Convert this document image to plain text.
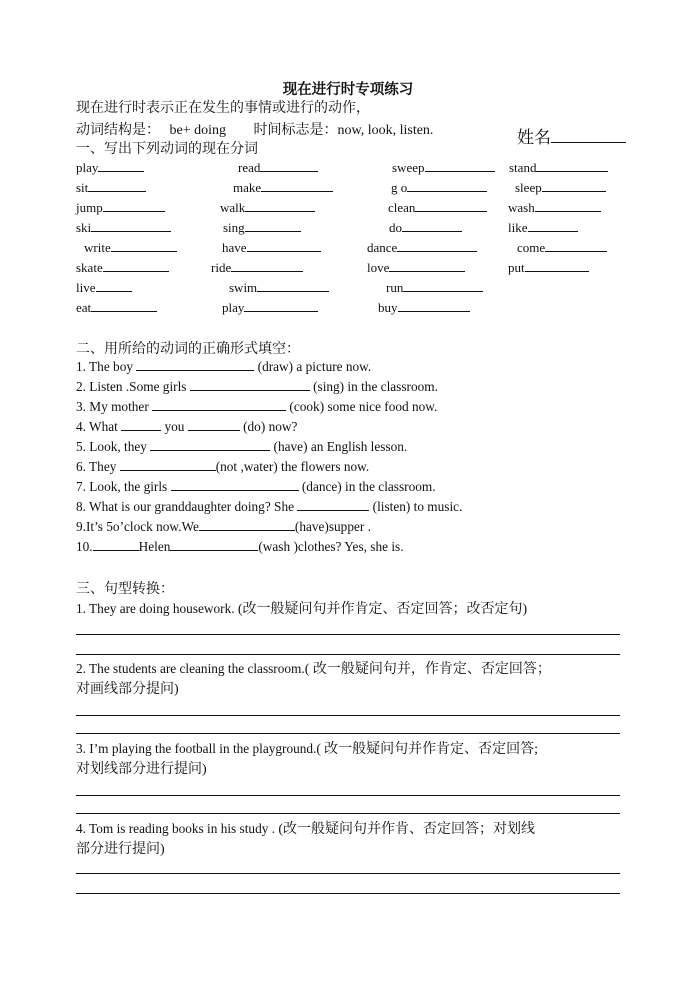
现在进行时专项练习
现在进行时表示正在发生的事情或进行的动作，
动词结构是： be+ doing 时间标志是：now, look, listen.	姓名
一、写出下列动词的现在分词
play	read	sweep	stand
sit	make	g o	sleep
jump	walk	clean	wash
ski	sing	do	like
write	have	dance	come
skate	ride	love	put
live	swim	run
eat	play	buy
二、用所给的动词的正确形式填空：
1. The boy	(draw) a picture now.
2. Listen .Some girls	(sing) in the classroom.
3. My mother	(cook) some nice food now.
4. What	you	(do) now?
5. Look, they	(have) an English lesson.
6. They	(not ,water) the flowers now.
7. Look, the girls	(dance) in the classroom.
8. What is our granddaughter doing? She	(listen) to music.
9.It’s 5o’clock now.We	(have)supper .
10.	Helen	(wash )clothes? Yes, she is.
三、句型转换：
1. They are doing housework. (改一般疑问句并作肯定、否定回答；改否定句)
2. The students are cleaning the classroom.( 改一般疑问句并，作肯定、否定回答；
对画线部分提问)
3. I’m playing the football in the playground.( 改一般疑问句并作肯定、否定回答;
对划线部分进行提问)
4. Tom is reading books in his study . (改一般疑问句并作肯、否定回答；对划线
部分进行提问)
